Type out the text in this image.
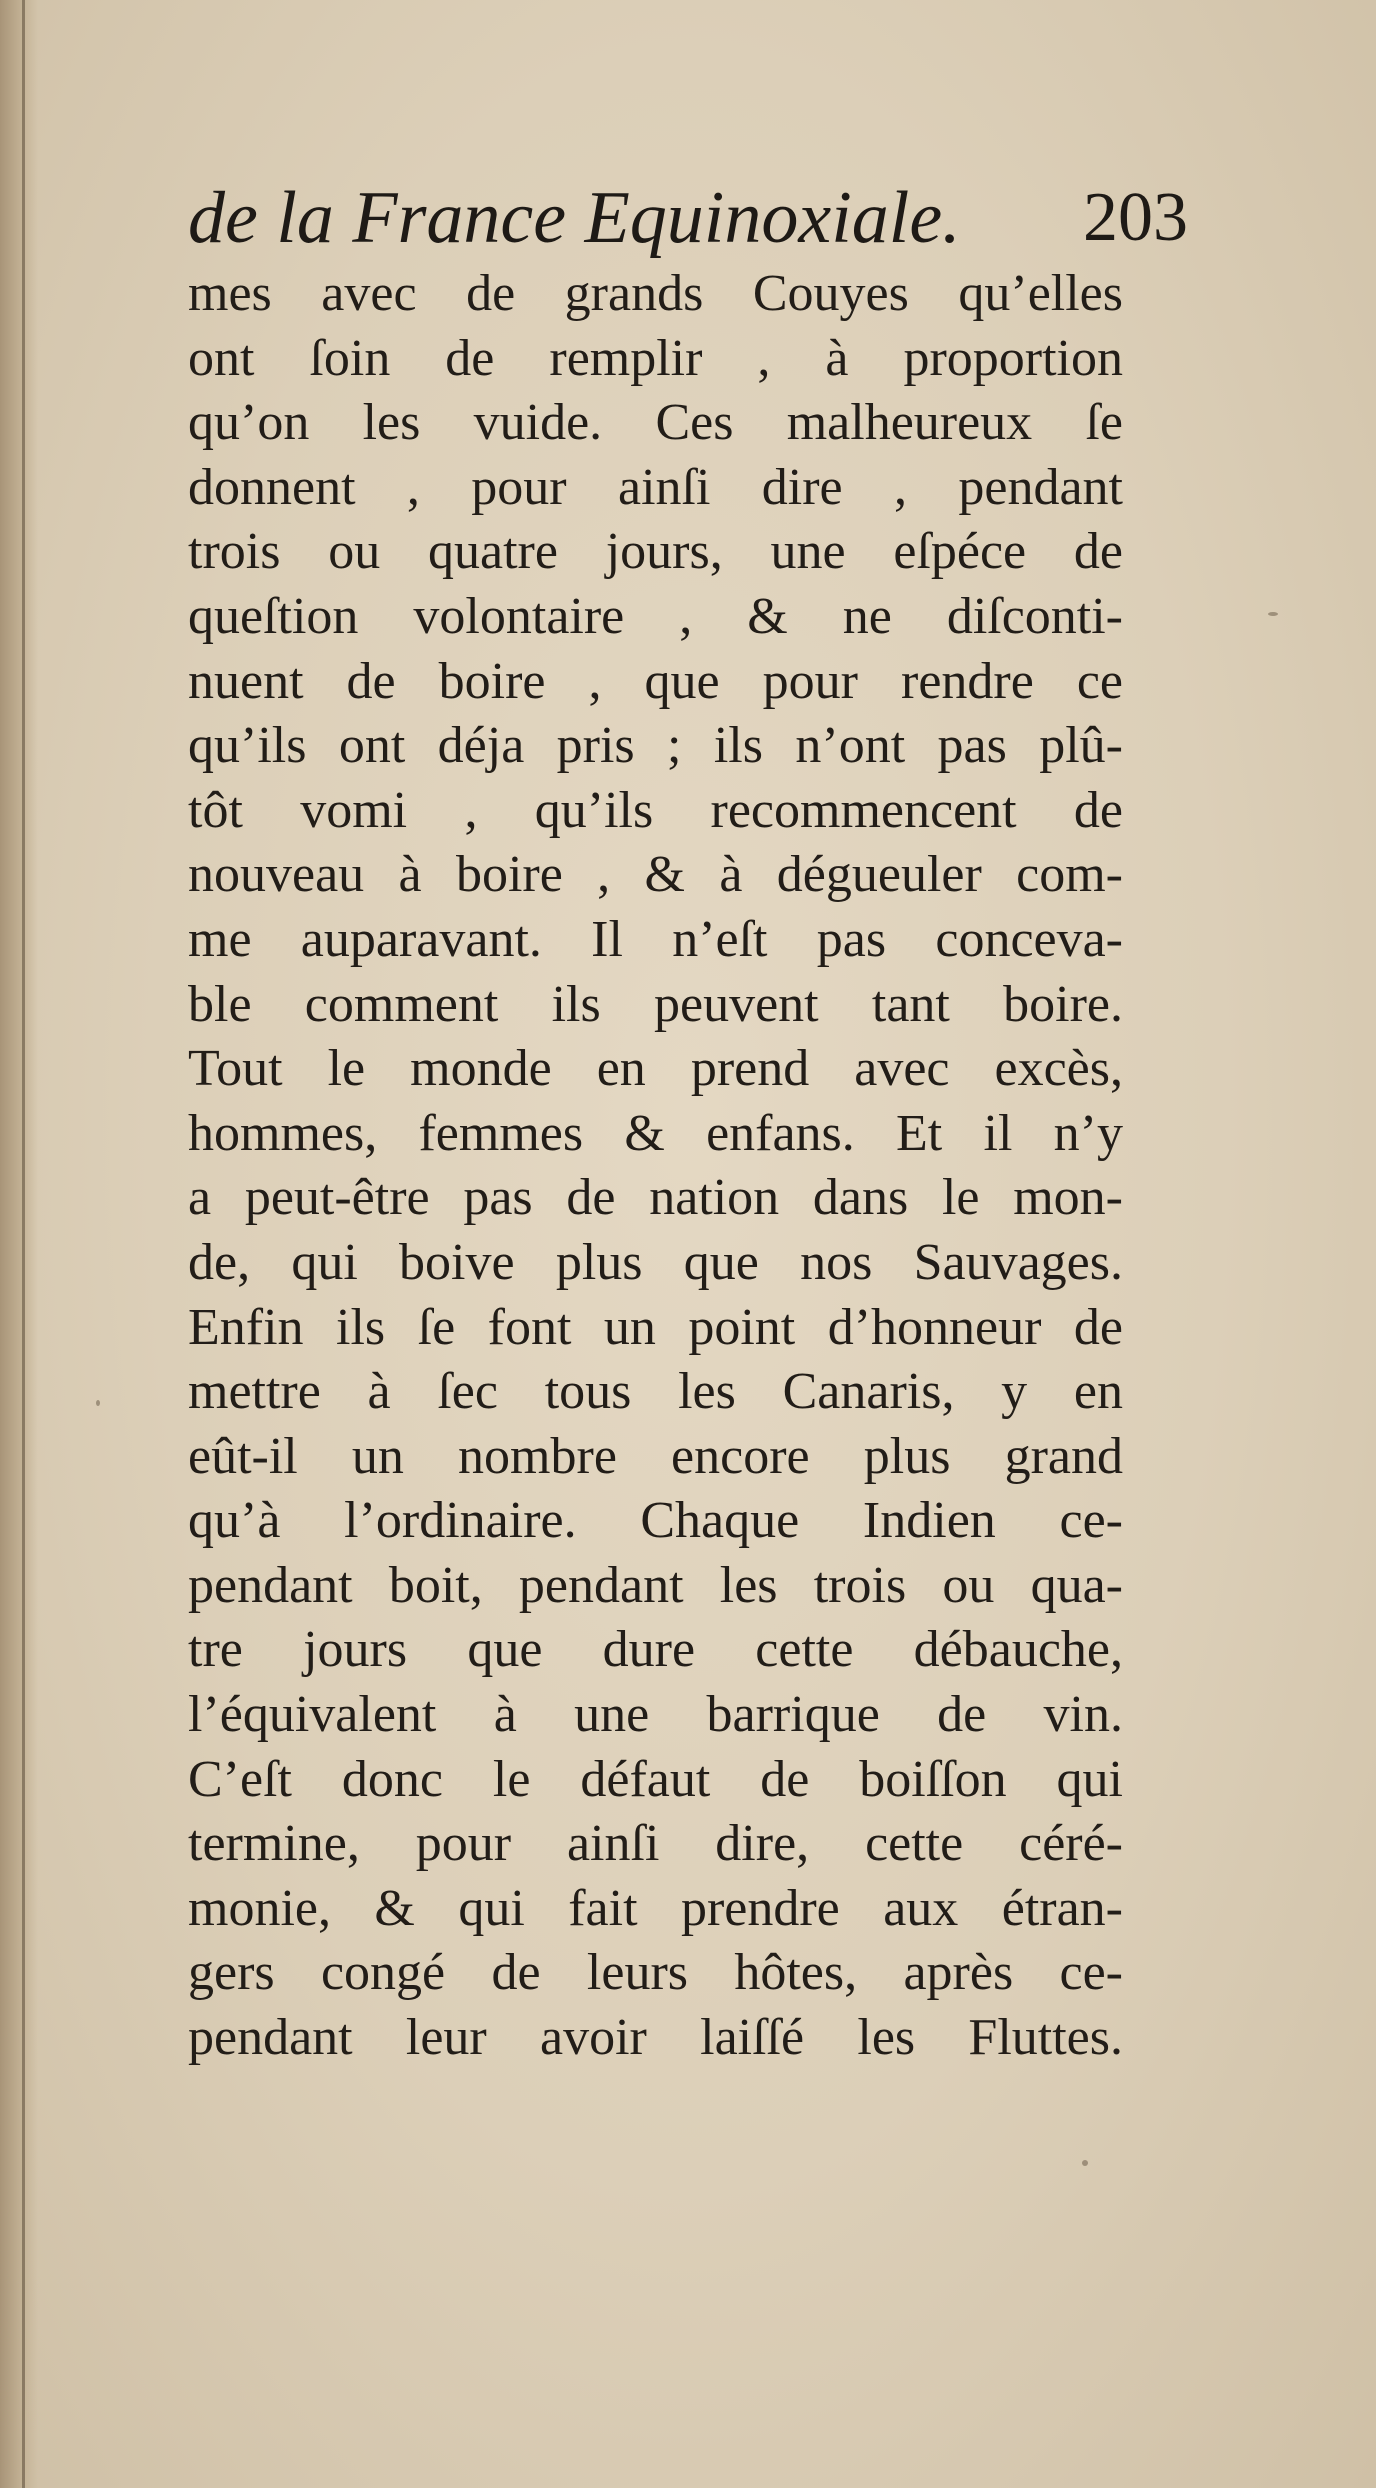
de la France Equinoxiale. 203
mes avec de grands Couyes qu’elles
ont ſoin de remplir , à proportion
qu’on les vuide. Ces malheureux ſe
donnent , pour ainſi dire , pendant
trois ou quatre jours, une eſpéce de
queſtion volontaire , & ne diſconti-
nuent de boire , que pour rendre ce
qu’ils ont déja pris ; ils n’ont pas plû-
tôt vomi , qu’ils recommencent de
nouveau à boire , & à dégueuler com-
me auparavant. Il n’eſt pas conceva-
ble comment ils peuvent tant boire.
Tout le monde en prend avec excès,
hommes, femmes & enfans. Et il n’y
a peut-être pas de nation dans le mon-
de, qui boive plus que nos Sauvages.
Enfin ils ſe font un point d’honneur de
mettre à ſec tous les Canaris, y en
eût-il un nombre encore plus grand
qu’à l’ordinaire. Chaque Indien ce-
pendant boit, pendant les trois ou qua-
tre jours que dure cette débauche,
l’équivalent à une barrique de vin.
C’eſt donc le défaut de boiſſon qui
termine, pour ainſi dire, cette céré-
monie, & qui fait prendre aux étran-
gers congé de leurs hôtes, après ce-
pendant leur avoir laiſſé les Fluttes.
